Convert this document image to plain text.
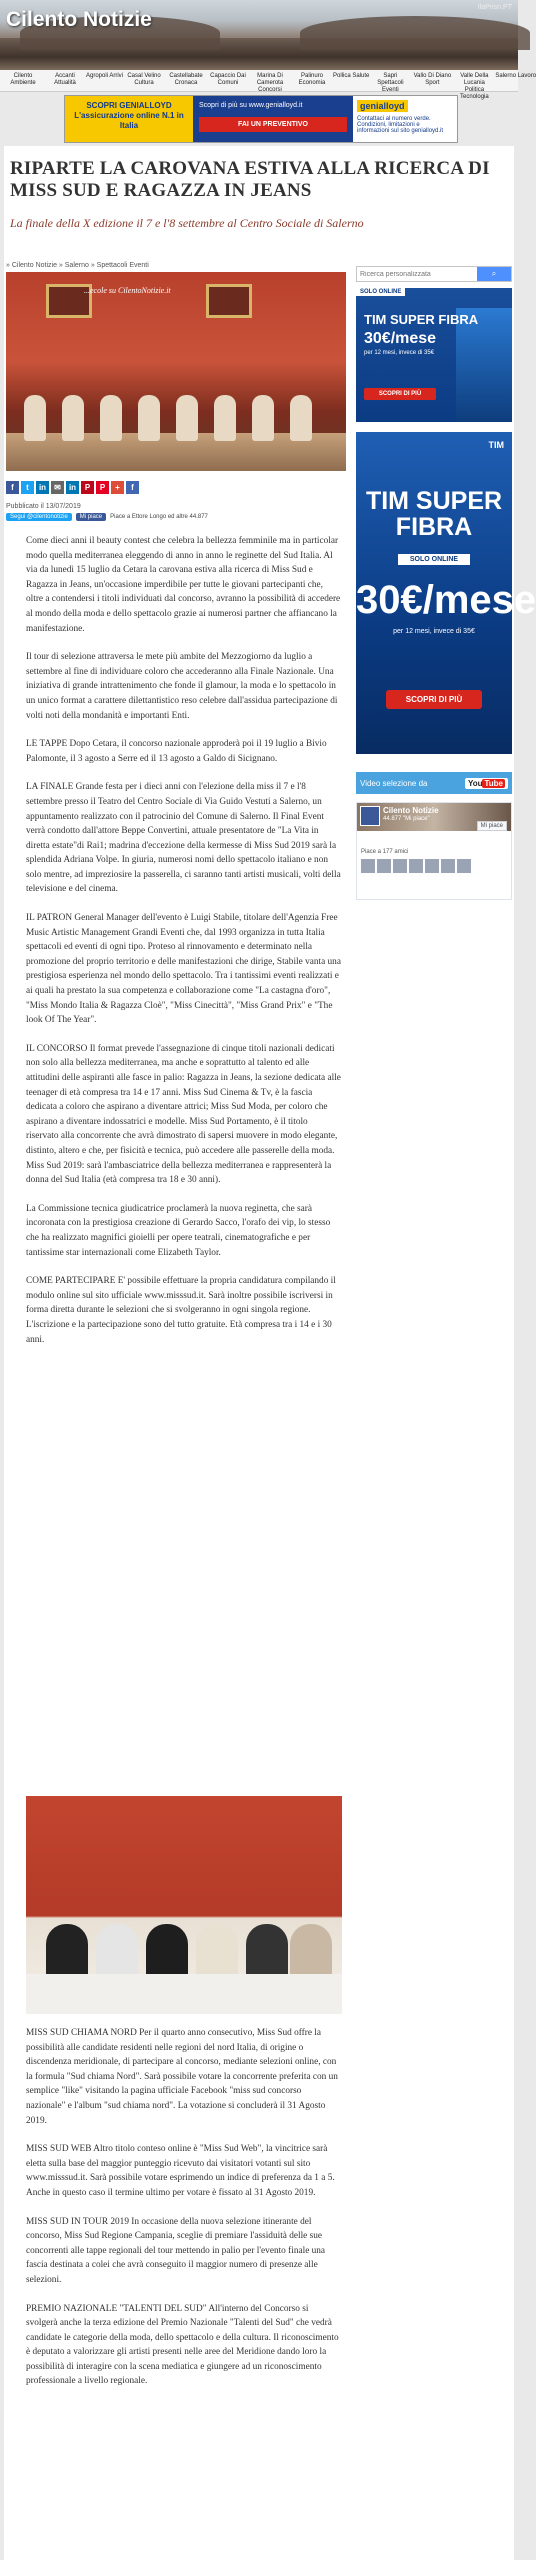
Cilento Notizie
IlaPrisn.PT
Cilento Ambiente
Accanti Attualità
Agropoli Arrivi Casal Velino Cultura
Castellabate Cronaca
Capaccio Dai Comuni
Marina Di Camerota Concorsi
Palinuro Economia
Pollica Salute	Sapri Spettacoli Eventi
Vallo Di Diano Sport
Valle Della Lucania Politica Tecnologia
Salerno Lavoro
SCOPRI GENIALLOYD L'assicurazione online N.1 in Italia
Scopri di più su www.genialloyd.it
FAI UN PREVENTIVO
genialloyd
Contattaci al numero verde. Condizioni, limitazioni e informazioni sul sito genialloyd.it
RIPARTE LA CAROVANA ESTIVA ALLA RICERCA DI MISS SUD E RAGAZZA IN JEANS
La finale della X edizione il 7 e l'8 settembre al Centro Sociale di Salerno
» Cilento Notizie » Salerno » Spettacoli Eventi
...ecole su CilentoNotizie.it
f	t	in	✉	in	P	P	+	f
Pubblicato il 13/07/2019
Segui @cilentonotizie	Mi piace	Piace a Ettore Longo ed altre 44.877

Come dieci anni il beauty contest che celebra la bellezza femminile ma in particolar modo quella mediterranea eleggendo di anno in anno le reginette del Sud Italia. Al via da lunedì 15 luglio da Cetara la carovana estiva alla ricerca di Miss Sud e Ragazza in Jeans, un'occasione imperdibile per tutte le giovani partecipanti che, oltre a contendersi i titoli individuati dal concorso, avranno la possibilità di accedere al mondo della moda e dello spettacolo grazie ai numerosi partner che affiancano la manifestazione.

Il tour di selezione attraversa le mete più ambite del Mezzogiorno da luglio a settembre al fine di individuare coloro che accederanno alla Finale Nazionale. Una iniziativa di grande intrattenimento che fonde il glamour, la moda e lo spettacolo in un unico format a carattere dilettantistico reso celebre dall'assidua partecipazione di volti noti della mondanità e importanti Enti.

LE TAPPE Dopo Cetara, il concorso nazionale approderà poi il 19 luglio a Bivio Palomonte, il 3 agosto a Serre ed il 13 agosto a Galdo di Sicignano.

LA FINALE Grande festa per i dieci anni con l'elezione della miss il 7 e l'8 settembre presso il Teatro del Centro Sociale di Via Guido Vestuti a Salerno, un appuntamento realizzato con il patrocinio del Comune di Salerno. Il Final Event verrà condotto dall'attore Beppe Convertini, attuale presentatore de "La Vita in diretta estate"di Rai1; madrina d'eccezione della kermesse di Miss Sud 2019 sarà la splendida Adriana Volpe. In giuria, numerosi nomi dello spettacolo italiano e non solo mentre, ad impreziosire la passerella, ci saranno tanti artisti musicali, volti della televisione e del cinema.

IL PATRON General Manager dell'evento è Luigi Stabile, titolare dell'Agenzia Free Music Artistic Management Grandi Eventi che, dal 1993 organizza in tutta Italia spettacoli ed eventi di ogni tipo. Proteso al rinnovamento e determinato nella promozione del proprio territorio e delle manifestazioni che dirige, Stabile vanta una prestigiosa esperienza nel mondo dello spettacolo. Tra i tantissimi eventi realizzati e ai quali ha prestato la sua competenza e collaborazione come "La castagna d'oro", "Miss Mondo Italia & Ragazza Cloè", "Miss Cinecittà", "Miss Grand Prix" e "The look Of The Year".

IL CONCORSO Il format prevede l'assegnazione di cinque titoli nazionali dedicati non solo alla bellezza mediterranea, ma anche e soprattutto al talento ed alle attitudini delle aspiranti alle fasce in palio: Ragazza in Jeans, la sezione dedicata alle teenager di età compresa tra 14 e 17 anni. Miss Sud Cinema & Tv, è la fascia dedicata a coloro che aspirano a diventare attrici; Miss Sud Moda, per coloro che aspirano a diventare indossatrici e modelle. Miss Sud Portamento, è il titolo riservato alla concorrente che avrà dimostrato di sapersi muovere in modo elegante, distinto, altero e che, per fisicità e tecnica, può accedere alle passerelle della moda. Miss Sud 2019: sarà l'ambasciatrice della bellezza mediterranea e rappresenterà la donna del Sud Italia (età compresa tra 18 e 30 anni).

La Commissione tecnica giudicatrice proclamerà la nuova reginetta, che sarà incoronata con la prestigiosa creazione di Gerardo Sacco, l'orafo dei vip, lo stesso che ha realizzato magnifici gioielli per opere teatrali, cinematografiche e per tantissime star internazionali come Elizabeth Taylor.

COME PARTECIPARE E' possibile effettuare la propria candidatura compilando il modulo online sul sito ufficiale www.misssud.it. Sarà inoltre possibile iscriversi in forma diretta durante le selezioni che si svolgeranno in ogni singola regione. L'iscrizione e la partecipazione sono del tutto gratuite. Età compresa tra i 14 e i 30 anni.

MISS SUD CHIAMA NORD Per il quarto anno consecutivo, Miss Sud offre la possibilità alle candidate residenti nelle regioni del nord Italia, di origine o discendenza meridionale, di partecipare al concorso, mediante selezioni online, con la formula "Sud chiama Nord". Sarà possibile votare la concorrente preferita con un semplice "like" visitando la pagina ufficiale Facebook "miss sud concorso nazionale" e l'album "sud chiama nord". La votazione si concluderà il 31 Agosto 2019.

MISS SUD WEB Altro titolo conteso online è "Miss Sud Web", la vincitrice sarà eletta sulla base del maggior punteggio ricevuto dai visitatori votanti sul sito www.misssud.it. Sarà possibile votare esprimendo un indice di preferenza da 1 a 5. Anche in questo caso il termine ultimo per votare è fissato al 31 Agosto 2019.

MISS SUD IN TOUR 2019 In occasione della nuova selezione itinerante del concorso, Miss Sud Regione Campania, sceglie di premiare l'assiduità delle sue concorrenti alle tappe regionali del tour mettendo in palio per l'evento finale una fascia destinata a colei che avrà conseguito il maggior numero di presenze alle selezioni.

PREMIO NAZIONALE "TALENTI DEL SUD" All'interno del Concorso si svolgerà anche la terza edizione del Premio Nazionale "Talenti del Sud" che vedrà candidate le categorie della moda, dello spettacolo e della cultura. Il riconoscimento è deputato a valorizzare gli artisti presenti nelle aree del Meridione dando loro la possibilità di interagire con la scena mediatica e giungere ad un riconoscimento professionale a livello regionale.

Ricerca personalizzata
⌕
SOLO ONLINE
TIM SUPER FIBRA
30€/mese
per 12 mesi, invece di 35€
SCOPRI DI PIÙ
TIM
TIM SUPER FIBRA
SOLO ONLINE
30€/mese
per 12 mesi, invece di 35€
SCOPRI DI PIÙ
Video selezione da	You Tube
Cilento Notizie
44.877 "Mi piace"
Mi piace
Piace a 177 amici
